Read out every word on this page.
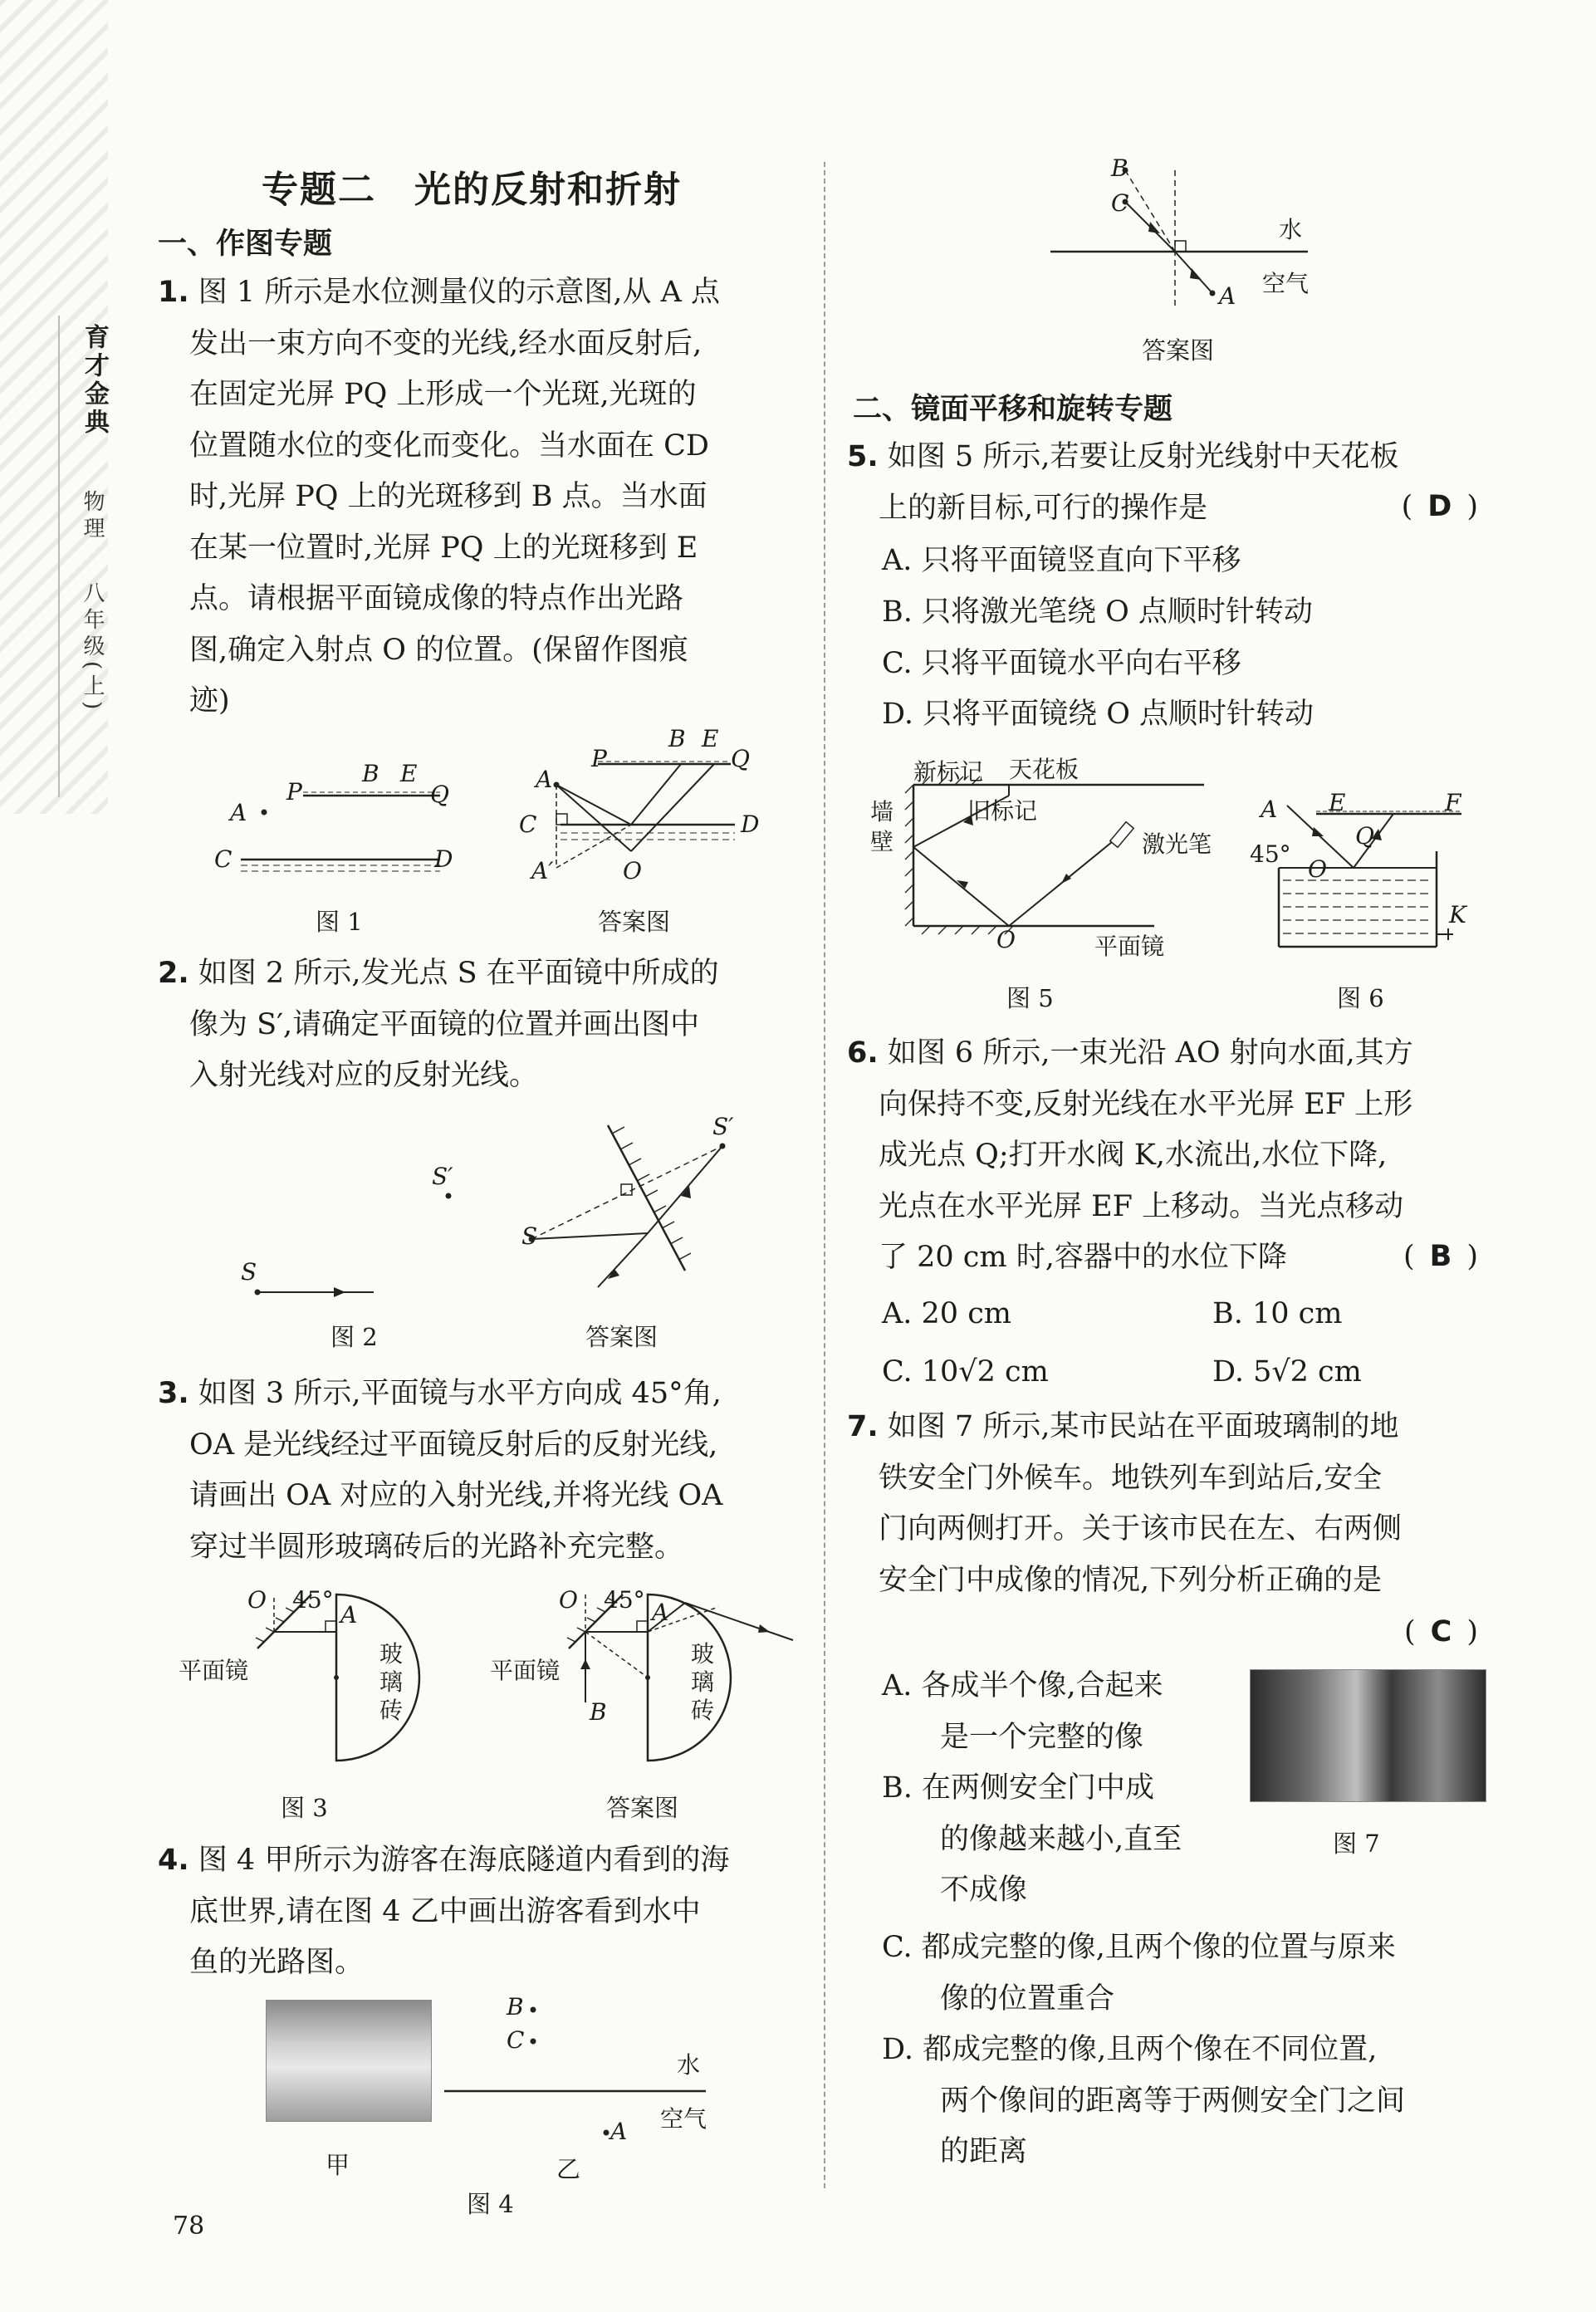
育才金典
物理
八年级(上)
专题二　光的反射和折射
一、作图专题
1. 图 1 所示是水位测量仪的示意图,从 A 点
发出一束方向不变的光线,经水面反射后,
在固定光屏 PQ 上形成一个光斑,光斑的
位置随水位的变化而变化。当水面在 CD
时,光屏 PQ 上的光斑移到 B 点。当水面
在某一位置时,光屏 PQ 上的光斑移到 E
点。请根据平面镜成像的特点作出光路
图,确定入射点 O 的位置。(保留作图痕
迹)
A
P
B E
Q
C	D
图 1
A
P
B E
Q
C	D
O
A′
答案图
2. 如图 2 所示,发光点 S 在平面镜中所成的
像为 S′,请确定平面镜的位置并画出图中
入射光线对应的反射光线。
S′
S
图 2
S′
S
答案图
3. 如图 3 所示,平面镜与水平方向成 45°角,
OA 是光线经过平面镜反射后的反射光线,
请画出 OA 对应的入射光线,并将光线 OA
穿过半圆形玻璃砖后的光路补充完整。
O 45°
A
平面镜
玻
璃
砖
图 3
O 45° A
B
平面镜
玻
璃
砖
答案图
4. 图 4 甲所示为游客在海底隧道内看到的海
底世界,请在图 4 乙中画出游客看到水中
鱼的光路图。
甲
B
C
A
水
空气
乙
图 4
B
C
A
水
空气
答案图
二、镜面平移和旋转专题
5. 如图 5 所示,若要让反射光线射中天花板
上的新目标,可行的操作是	( D )
A. 只将平面镜竖直向下平移
B. 只将激光笔绕 O 点顺时针转动
C. 只将平面镜水平向右平移
D. 只将平面镜绕 O 点顺时针转动
新标记 天花板
旧标记
墙
壁	激光笔
O	平面镜
图 5
A
45°
E	F
Q
O
K
图 6
6. 如图 6 所示,一束光沿 AO 射向水面,其方
向保持不变,反射光线在水平光屏 EF 上形
成光点 Q;打开水阀 K,水流出,水位下降,
光点在水平光屏 EF 上移动。当光点移动
了 20 cm 时,容器中的水位下降	( B )
A. 20 cm	B. 10 cm
C. 10√2 cm	D. 5√2 cm
7. 如图 7 所示,某市民站在平面玻璃制的地
铁安全门外候车。地铁列车到站后,安全
门向两侧打开。关于该市民在左、右两侧
安全门中成像的情况,下列分析正确的是
( C )
A. 各成半个像,合起来
　　是一个完整的像
B. 在两侧安全门中成
　　的像越来越小,直至
　　不成像
图 7
C. 都成完整的像,且两个像的位置与原来
　　像的位置重合
D. 都成完整的像,且两个像在不同位置,
　　两个像间的距离等于两侧安全门之间
　　的距离
78
